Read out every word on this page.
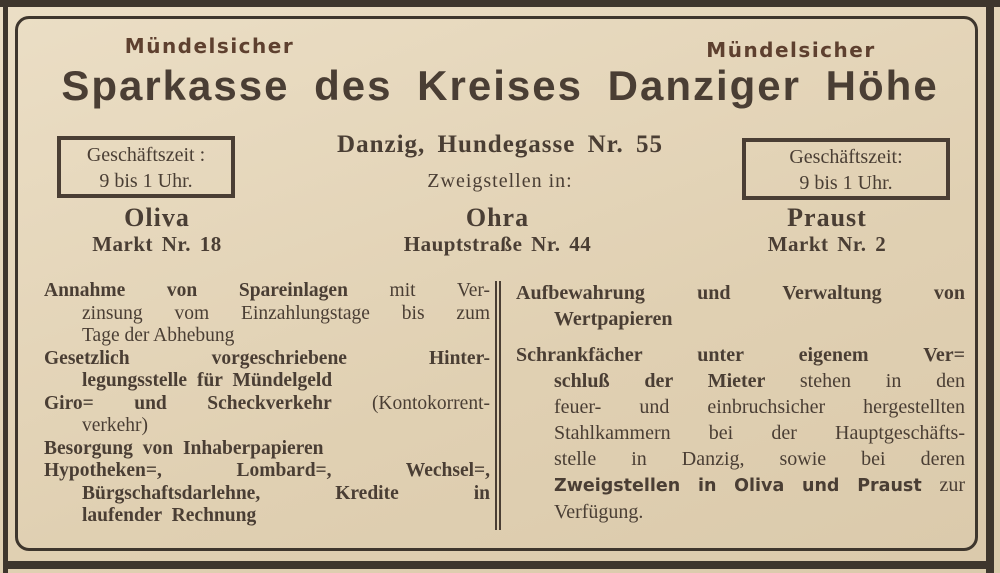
Mündelsicher	Mündelsicher
Sparkasse des Kreises Danziger Höhe
Geschäftszeit :
9 bis 1 Uhr.
Danzig, Hundegasse Nr. 55
Zweigstellen in:
Geschäftszeit:
9 bis 1 Uhr.
Oliva
Markt Nr. 18
Ohra
Hauptstraße Nr. 44
Praust
Markt Nr. 2
Annahme von Spareinlagen mit Ver-
zinsung vom Einzahlungstage bis zum
Tage der Abhebung
Gesetzlich vorgeschriebene Hinter-
legungsstelle für Mündelgeld
Giro= und Scheckverkehr (Kontokorrent-
verkehr)
Besorgung von Inhaberpapieren
Hypotheken=, Lombard=, Wechsel=,
Bürgschaftsdarlehne, Kredite in
laufender Rechnung
Aufbewahrung und Verwaltung von
Wertpapieren
Schrankfächer unter eigenem Ver=
schluß der Mieter stehen in den
feuer- und einbruchsicher hergestellten
Stahlkammern bei der Hauptgeschäfts-
stelle in Danzig, sowie bei deren
Zweigstellen in Oliva und Praust zur
Verfügung.
